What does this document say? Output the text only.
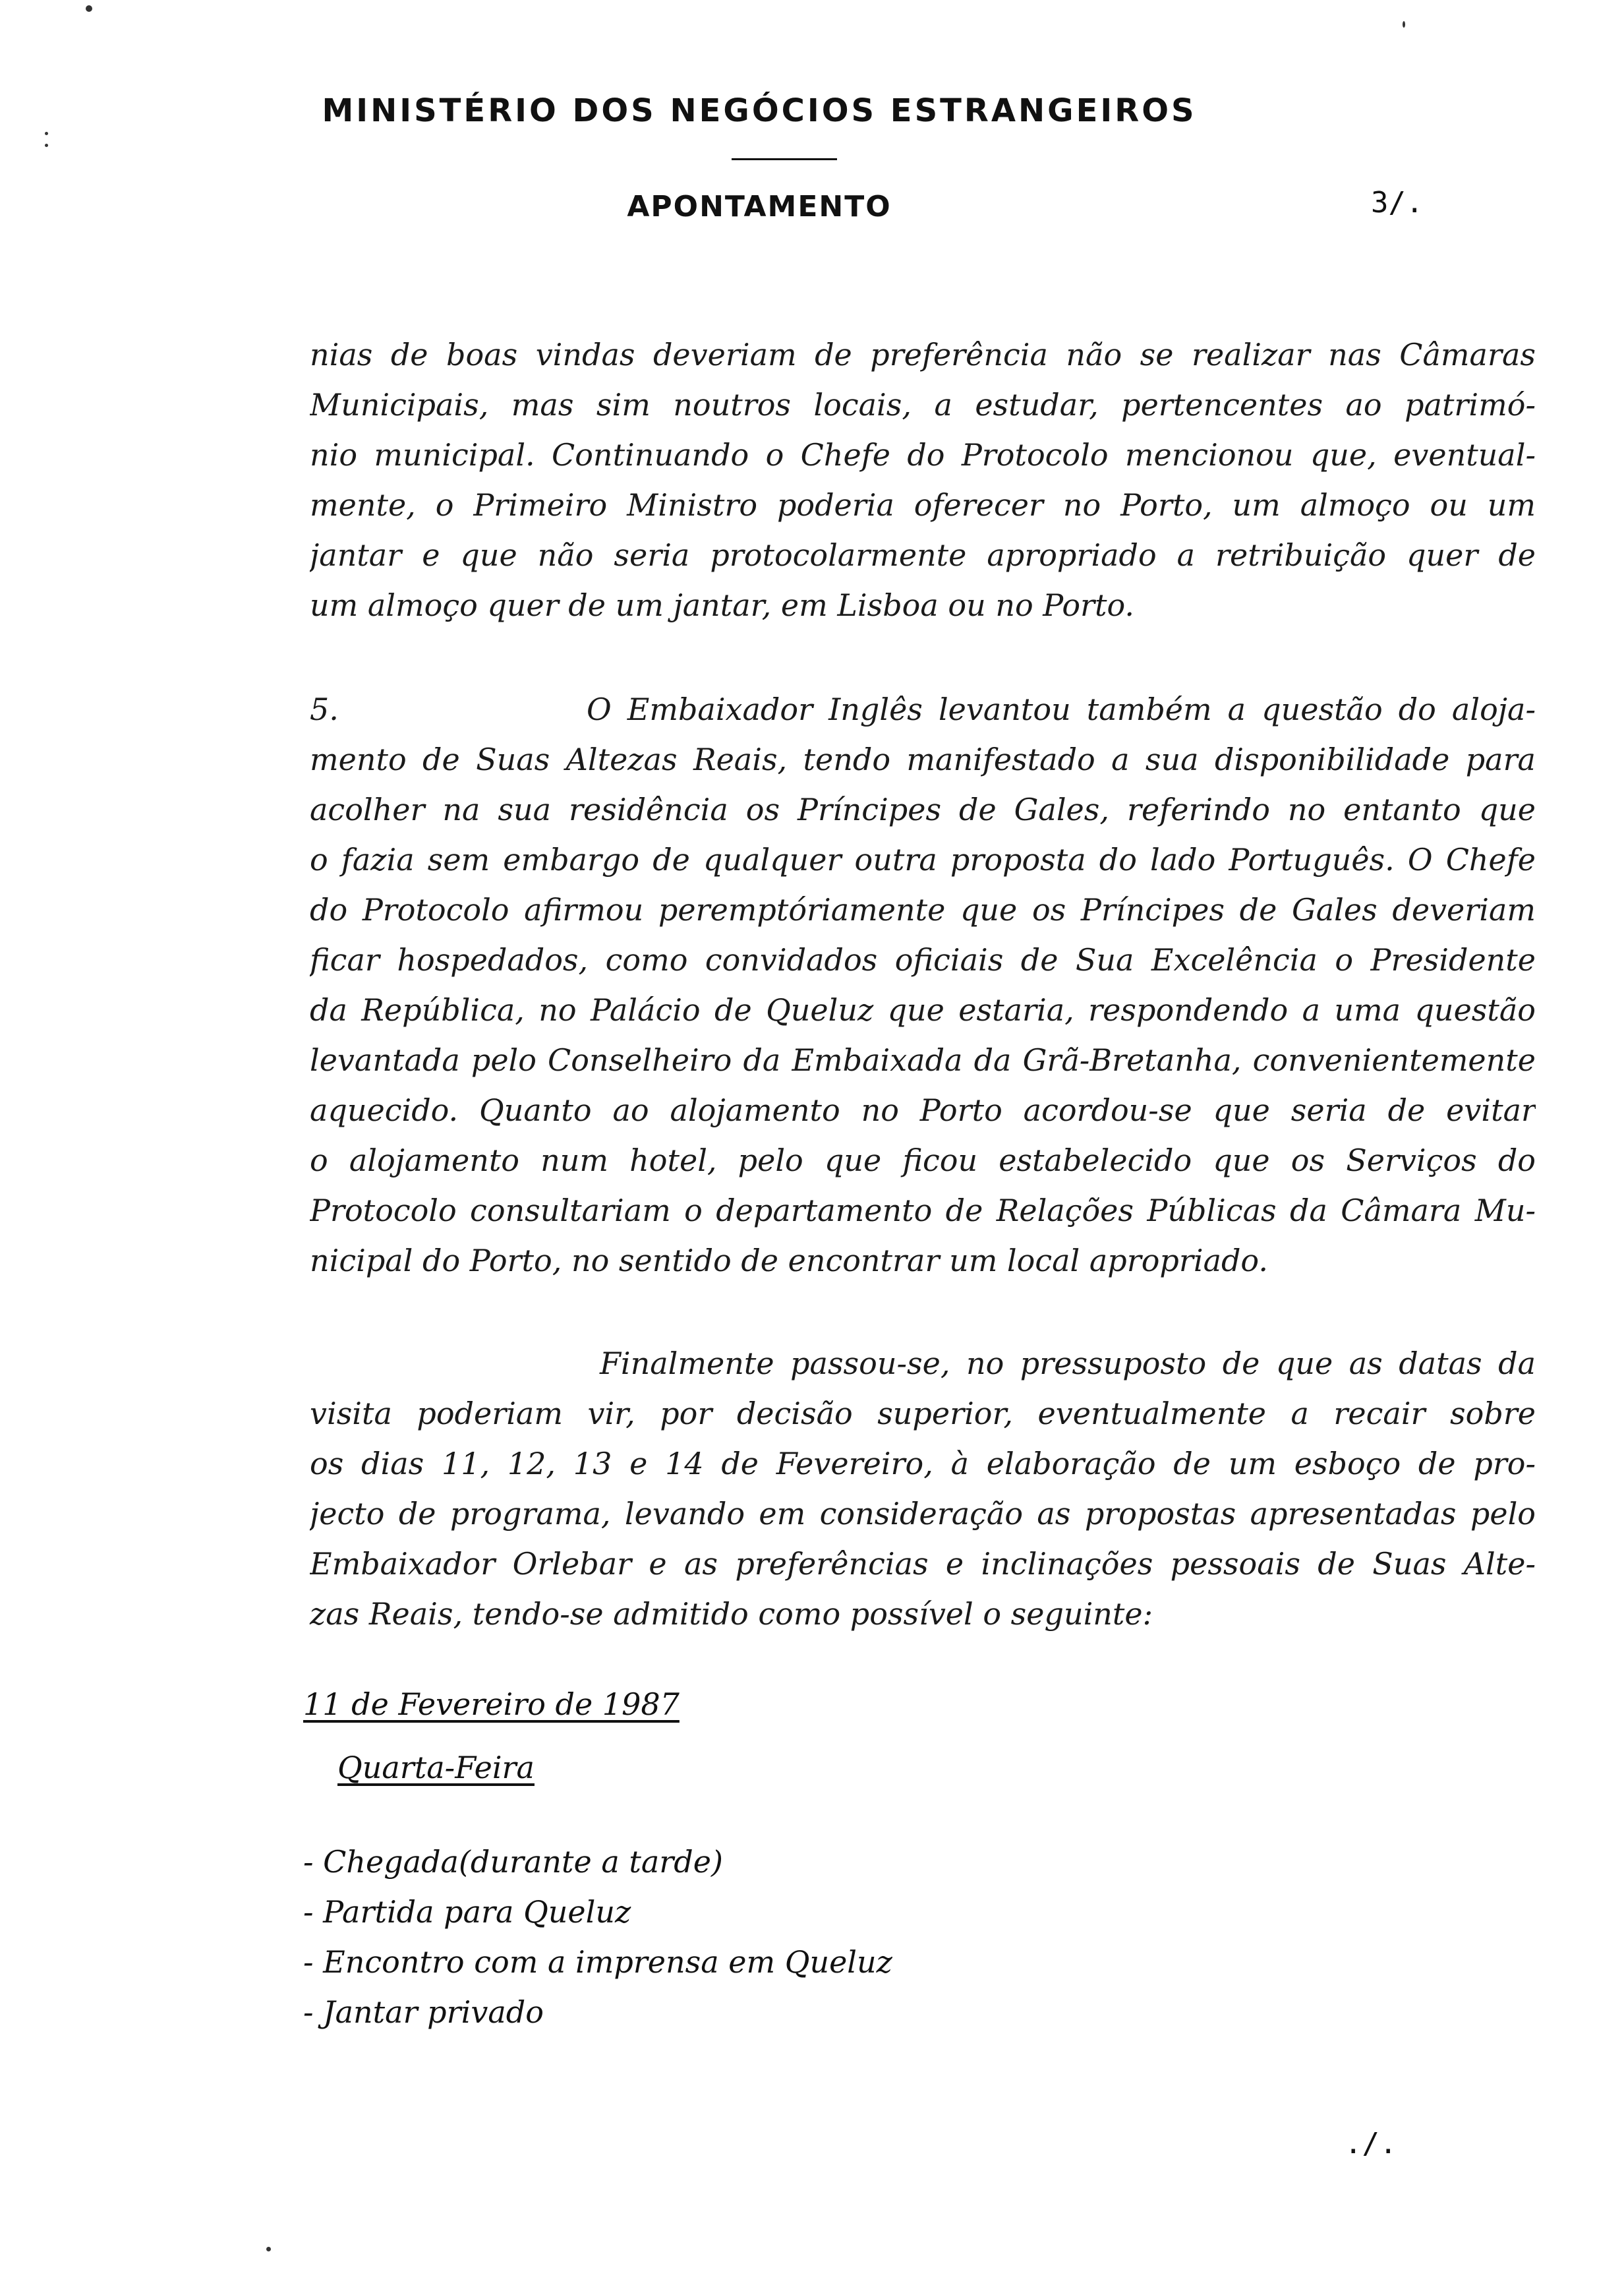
MINISTÉRIO DOS NEGÓCIOS ESTRANGEIROS
APONTAMENTO	3/.
nias de boas vindas deveriam de preferência não se realizar nas Câmaras
Municipais, mas sim noutros locais, a estudar, pertencentes ao patrimó-
nio municipal. Continuando o Chefe do Protocolo mencionou que, eventual-
mente, o Primeiro Ministro poderia oferecer no Porto, um almoço ou um
jantar e que não seria protocolarmente apropriado a retribuição quer de
um almoço quer de um jantar, em Lisboa ou no Porto.
5.	O Embaixador Inglês levantou também a questão do aloja-
mento de Suas Altezas Reais, tendo manifestado a sua disponibilidade para
acolher na sua residência os Príncipes de Gales, referindo no entanto que
o fazia sem embargo de qualquer outra proposta do lado Português. O Chefe
do Protocolo afirmou peremptóriamente que os Príncipes de Gales deveriam
ficar hospedados, como convidados oficiais de Sua Excelência o Presidente
da República, no Palácio de Queluz que estaria, respondendo a uma questão
levantada pelo Conselheiro da Embaixada da Grã-Bretanha, convenientemente
aquecido. Quanto ao alojamento no Porto acordou-se que seria de evitar
o alojamento num hotel, pelo que ficou estabelecido que os Serviços do
Protocolo consultariam o departamento de Relações Públicas da Câmara Mu-
nicipal do Porto, no sentido de encontrar um local apropriado.
Finalmente passou-se, no pressuposto de que as datas da
visita poderiam vir, por decisão superior, eventualmente a recair sobre
os dias 11, 12, 13 e 14 de Fevereiro, à elaboração de um esboço de pro-
jecto de programa, levando em consideração as propostas apresentadas pelo
Embaixador Orlebar e as preferências e inclinações pessoais de Suas Alte-
zas Reais, tendo-se admitido como possível o seguinte:
11 de Fevereiro de 1987
Quarta-Feira
- Chegada(durante a tarde)
- Partida para Queluz
- Encontro com a imprensa em Queluz
- Jantar privado
./.
